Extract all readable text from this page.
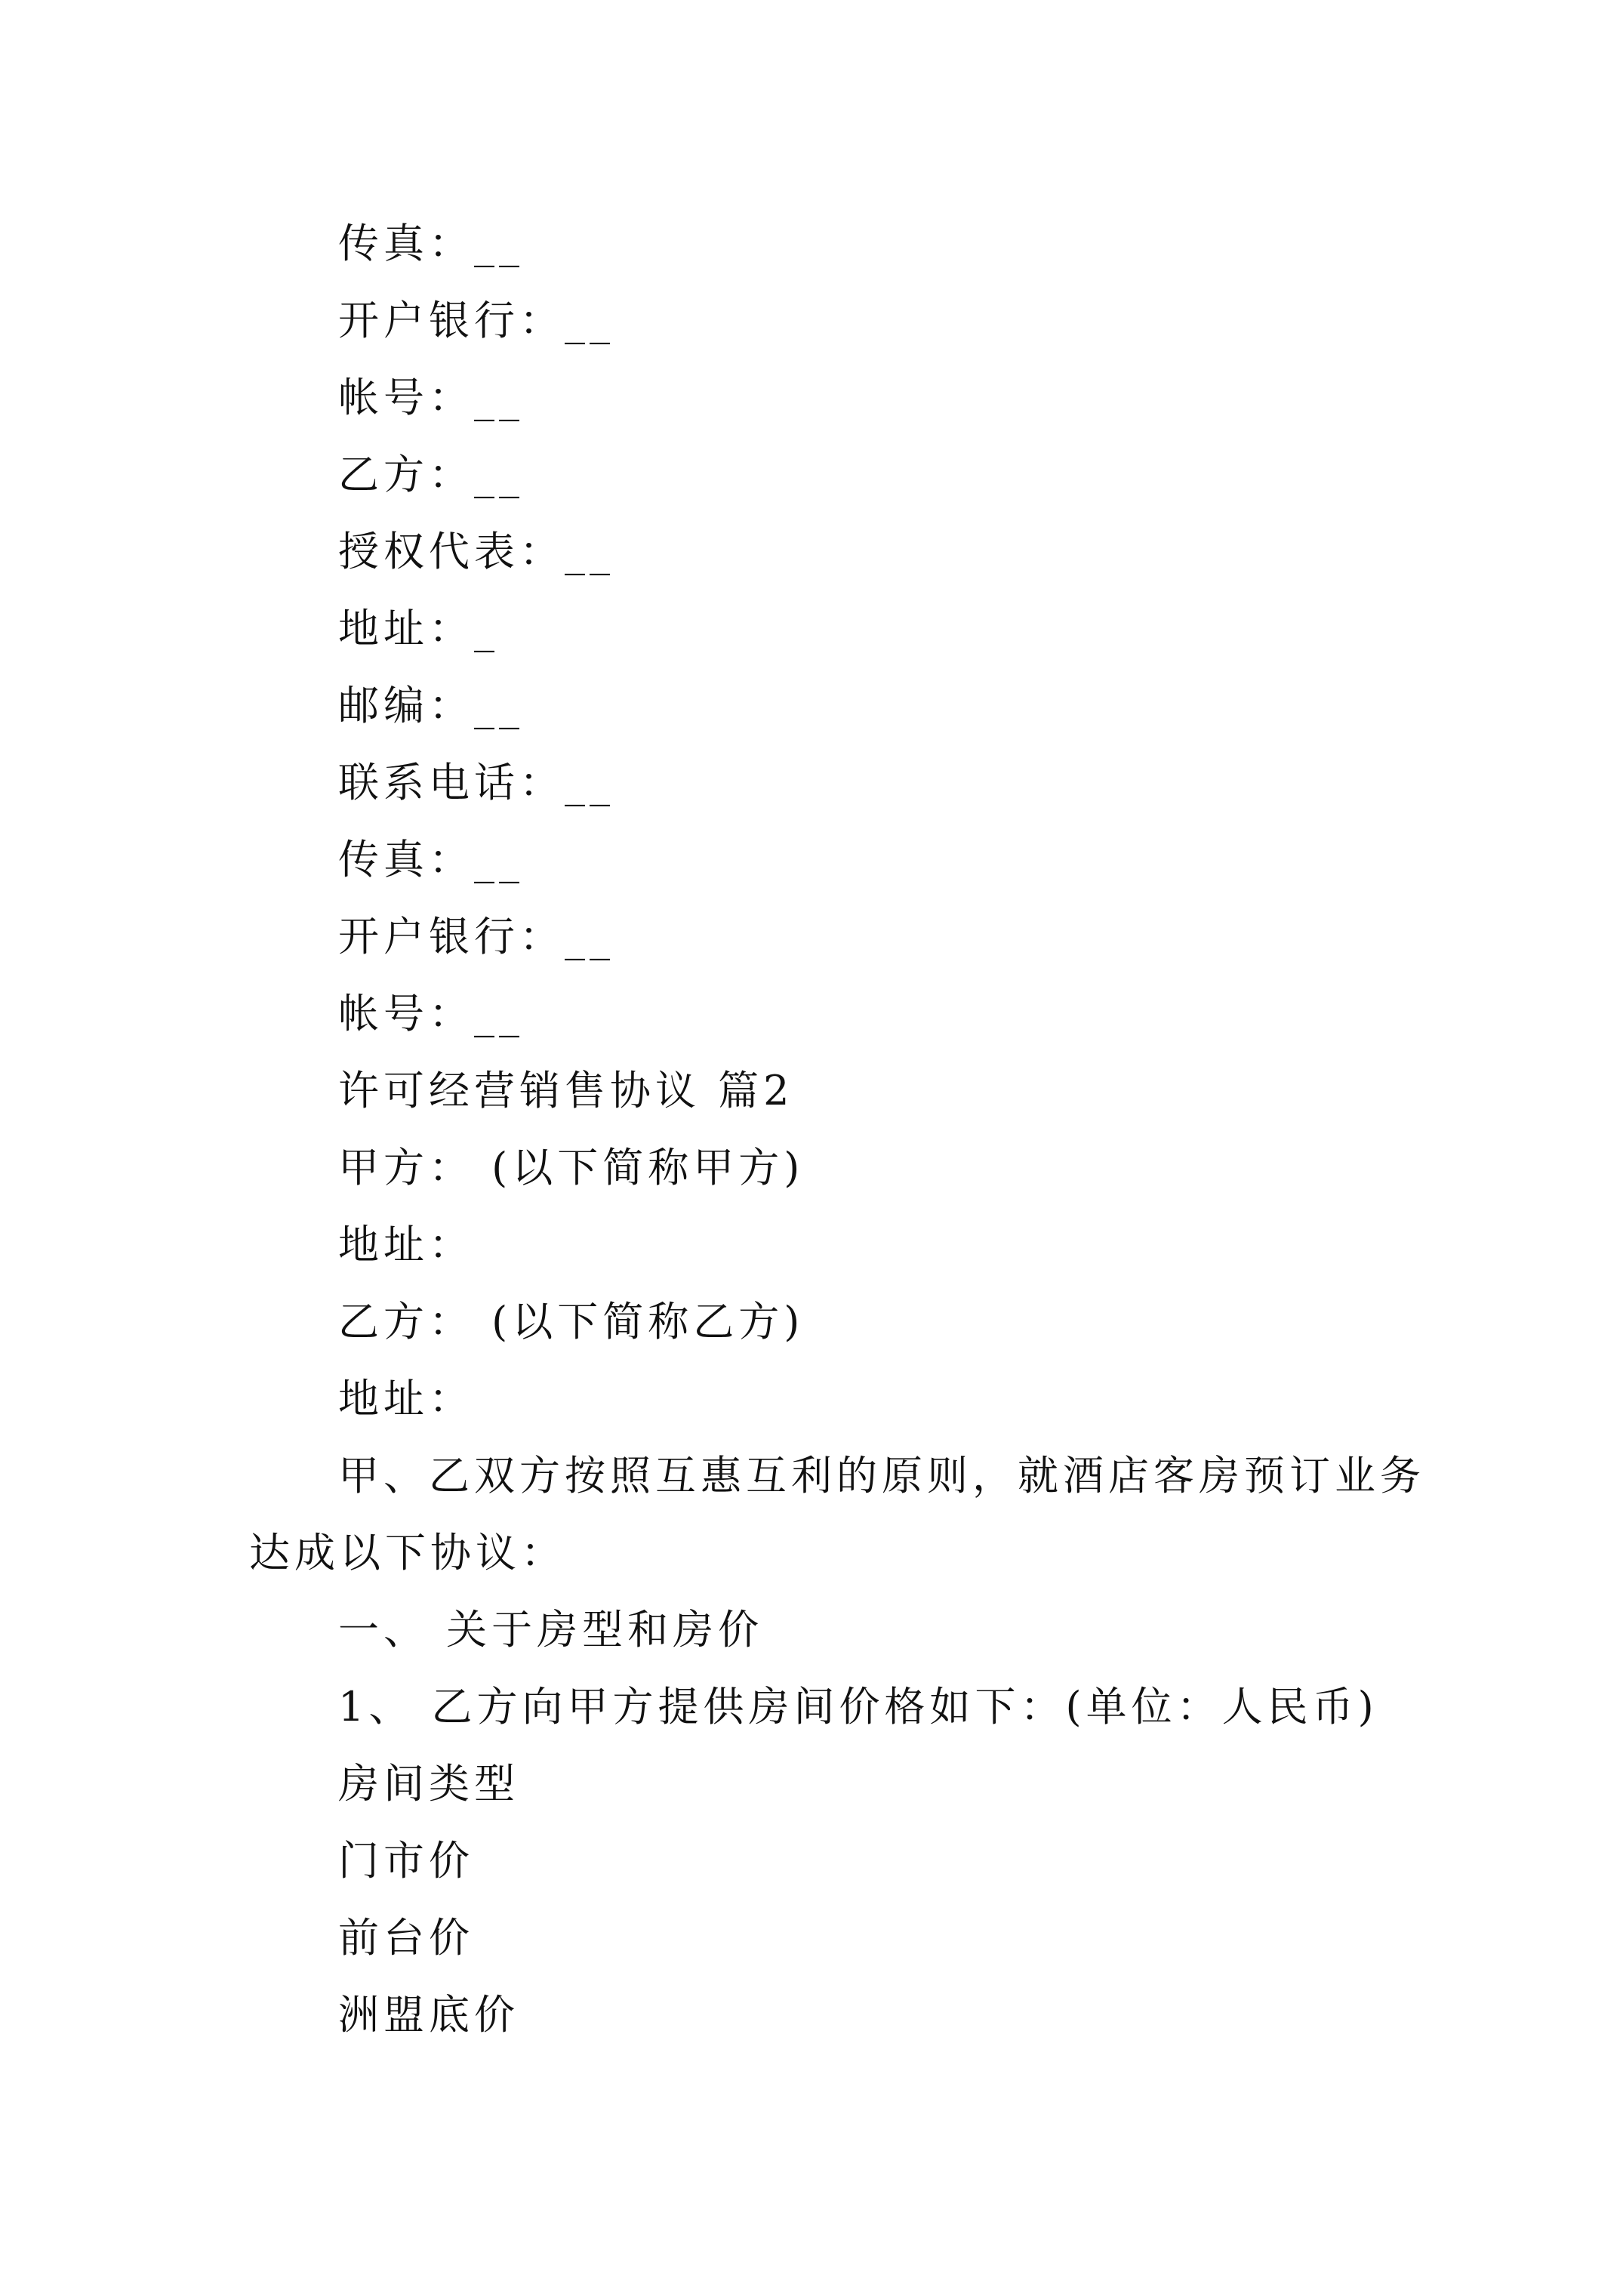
传真：__
开户银行：__
帐号：__
乙方：__
授权代表：__
地址：_
邮编：__
联系电话：__
传真：__
开户银行：__
帐号：__
许可经营销售协议 篇2
甲方： (以下简称甲方)
地址：
乙方： (以下简称乙方)
地址：
甲、乙双方按照互惠互利的原则，就酒店客房预订业务
达成以下协议：
一、 关于房型和房价
1、 乙方向甲方提供房间价格如下：(单位：人民币)
房间类型
门市价
前台价
洲盟底价
